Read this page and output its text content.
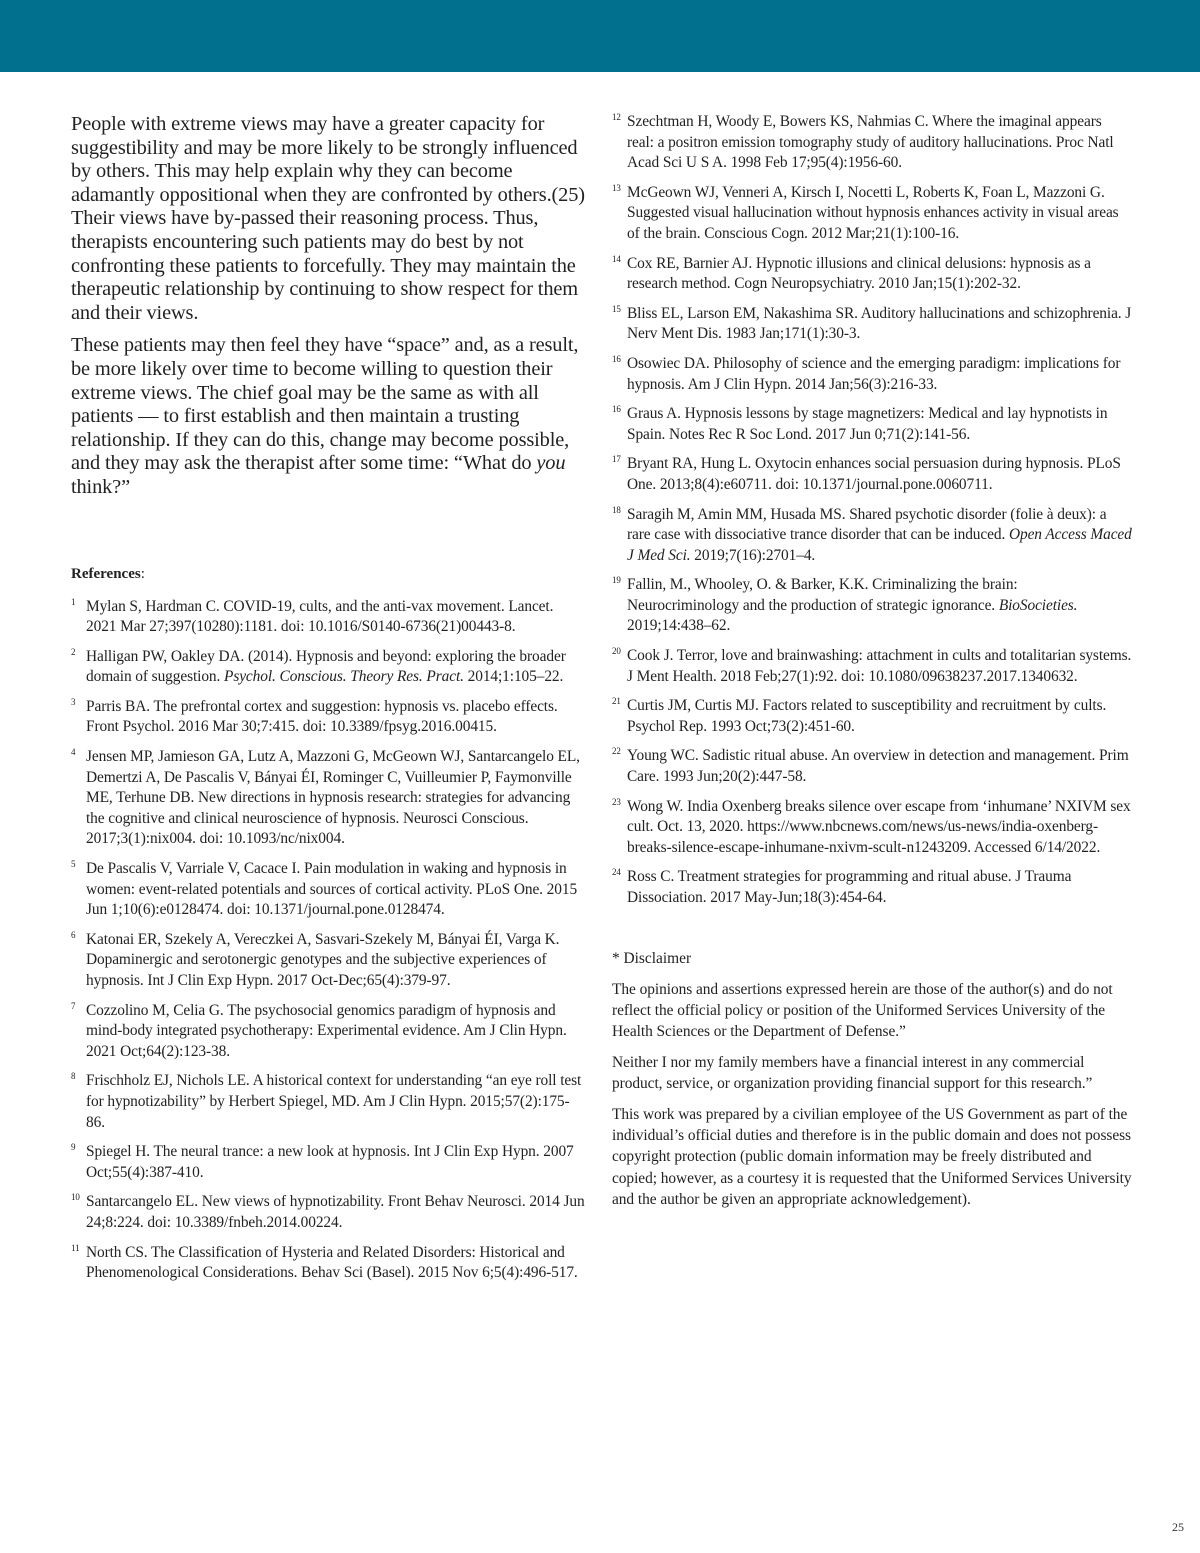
People with extreme views may have a greater capacity for suggestibility and may be more likely to be strongly influenced by others. This may help explain why they can become adamantly oppositional when they are confronted by others.(25) Their views have by-passed their reasoning process. Thus, therapists encountering such patients may do best by not confronting these patients to forcefully. They may maintain the therapeutic relationship by continuing to show respect for them and their views.

These patients may then feel they have “space” and, as a result, be more likely over time to become willing to question their extreme views. The chief goal may be the same as with all patients — to first establish and then maintain a trusting relationship. If they can do this, change may become possible, and they may ask the therapist after some time: “What do you think?”

References:
1 Mylan S, Hardman C. COVID-19, cults, and the anti-vax movement. Lancet. 2021 Mar 27;397(10280):1181. doi: 10.1016/S0140-6736(21)00443-8.
2 Halligan PW, Oakley DA. (2014). Hypnosis and beyond: exploring the broader domain of suggestion. Psychol. Conscious. Theory Res. Pract. 2014;1:105–22.
3 Parris BA. The prefrontal cortex and suggestion: hypnosis vs. placebo effects. Front Psychol. 2016 Mar 30;7:415. doi: 10.3389/fpsyg.2016.00415.
4 Jensen MP, Jamieson GA, Lutz A, Mazzoni G, McGeown WJ, Santarcangelo EL, Demertzi A, De Pascalis V, Bányai ÉI, Rominger C, Vuilleumier P, Faymonville ME, Terhune DB. New directions in hypnosis research: strategies for advancing the cognitive and clinical neuroscience of hypnosis. Neurosci Conscious. 2017;3(1):nix004. doi: 10.1093/nc/nix004.
5 De Pascalis V, Varriale V, Cacace I. Pain modulation in waking and hypnosis in women: event-related potentials and sources of cortical activity. PLoS One. 2015 Jun 1;10(6):e0128474. doi: 10.1371/journal.pone.0128474.
6 Katonai ER, Szekely A, Vereczkei A, Sasvari-Szekely M, Bányai ÉI, Varga K. Dopaminergic and serotonergic genotypes and the subjective experiences of hypnosis. Int J Clin Exp Hypn. 2017 Oct-Dec;65(4):379-97.
7 Cozzolino M, Celia G. The psychosocial genomics paradigm of hypnosis and mind-body integrated psychotherapy: Experimental evidence. Am J Clin Hypn. 2021 Oct;64(2):123-38.
8 Frischholz EJ, Nichols LE. A historical context for understanding “an eye roll test for hypnotizability” by Herbert Spiegel, MD. Am J Clin Hypn. 2015;57(2):175-86.
9 Spiegel H. The neural trance: a new look at hypnosis. Int J Clin Exp Hypn. 2007 Oct;55(4):387-410.
10 Santarcangelo EL. New views of hypnotizability. Front Behav Neurosci. 2014 Jun 24;8:224. doi: 10.3389/fnbeh.2014.00224.
11 North CS. The Classification of Hysteria and Related Disorders: Historical and Phenomenological Considerations. Behav Sci (Basel). 2015 Nov 6;5(4):496-517.
12 Szechtman H, Woody E, Bowers KS, Nahmias C. Where the imaginal appears real: a positron emission tomography study of auditory hallucinations. Proc Natl Acad Sci U S A. 1998 Feb 17;95(4):1956-60.
13 McGeown WJ, Venneri A, Kirsch I, Nocetti L, Roberts K, Foan L, Mazzoni G. Suggested visual hallucination without hypnosis enhances activity in visual areas of the brain. Conscious Cogn. 2012 Mar;21(1):100-16.
14 Cox RE, Barnier AJ. Hypnotic illusions and clinical delusions: hypnosis as a research method. Cogn Neuropsychiatry. 2010 Jan;15(1):202-32.
15 Bliss EL, Larson EM, Nakashima SR. Auditory hallucinations and schizophrenia. J Nerv Ment Dis. 1983 Jan;171(1):30-3.
16 Osowiec DA. Philosophy of science and the emerging paradigm: implications for hypnosis. Am J Clin Hypn. 2014 Jan;56(3):216-33.
16 Graus A. Hypnosis lessons by stage magnetizers: Medical and lay hypnotists in Spain. Notes Rec R Soc Lond. 2017 Jun 0;71(2):141-56.
17 Bryant RA, Hung L. Oxytocin enhances social persuasion during hypnosis. PLoS One. 2013;8(4):e60711. doi: 10.1371/journal.pone.0060711.
18 Saragih M, Amin MM, Husada MS. Shared psychotic disorder (folie à deux): a rare case with dissociative trance disorder that can be induced. Open Access Maced J Med Sci. 2019;7(16):2701–4.
19 Fallin, M., Whooley, O. & Barker, K.K. Criminalizing the brain: Neurocriminology and the production of strategic ignorance. BioSocieties. 2019;14:438–62.
20 Cook J. Terror, love and brainwashing: attachment in cults and totalitarian systems. J Ment Health. 2018 Feb;27(1):92. doi: 10.1080/09638237.2017.1340632.
21 Curtis JM, Curtis MJ. Factors related to susceptibility and recruitment by cults. Psychol Rep. 1993 Oct;73(2):451-60.
22 Young WC. Sadistic ritual abuse. An overview in detection and management. Prim Care. 1993 Jun;20(2):447-58.
23 Wong W. India Oxenberg breaks silence over escape from ‘inhumane’ NXIVM sex cult. Oct. 13, 2020. https://www.nbcnews.com/news/us-news/india-oxenberg-breaks-silence-escape-inhumane-nxivm-scult-n1243209. Accessed 6/14/2022.
24 Ross C. Treatment strategies for programming and ritual abuse. J Trauma Dissociation. 2017 May-Jun;18(3):454-64.
* Disclaimer

The opinions and assertions expressed herein are those of the author(s) and do not reflect the official policy or position of the Uniformed Services University of the Health Sciences or the Department of Defense.”

Neither I nor my family members have a financial interest in any commercial product, service, or organization providing financial support for this research.”

This work was prepared by a civilian employee of the US Government as part of the individual’s official duties and therefore is in the public domain and does not possess copyright protection (public domain information may be freely distributed and copied; however, as a courtesy it is requested that the Uniformed Services University and the author be given an appropriate acknowledgement).

25
